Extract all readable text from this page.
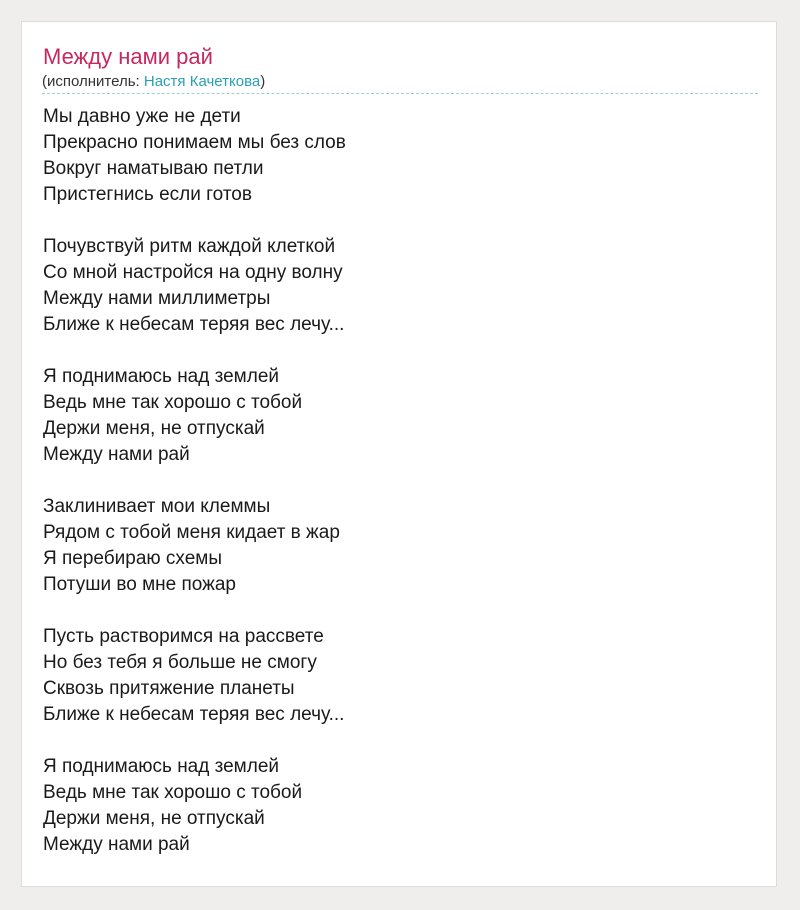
Между нами рай
(исполнитель: Настя Качеткова)
Мы давно уже не дети
Прекрасно понимаем мы без слов
Вокруг наматываю петли
Пристегнись если готов
Почувствуй ритм каждой клеткой
Со мной настройся на одну волну
Между нами миллиметры
Ближе к небесам теряя вес лечу...
Я поднимаюсь над землей
Ведь мне так хорошо с тобой
Держи меня, не отпускай
Между нами рай
Заклинивает мои клеммы
Рядом с тобой меня кидает в жар
Я перебираю схемы
Потуши во мне пожар
Пусть растворимся на рассвете
Но без тебя я больше не смогу
Сквозь притяжение планеты
Ближе к небесам теряя вес лечу...
Я поднимаюсь над землей
Ведь мне так хорошо с тобой
Держи меня, не отпускай
Между нами рай
